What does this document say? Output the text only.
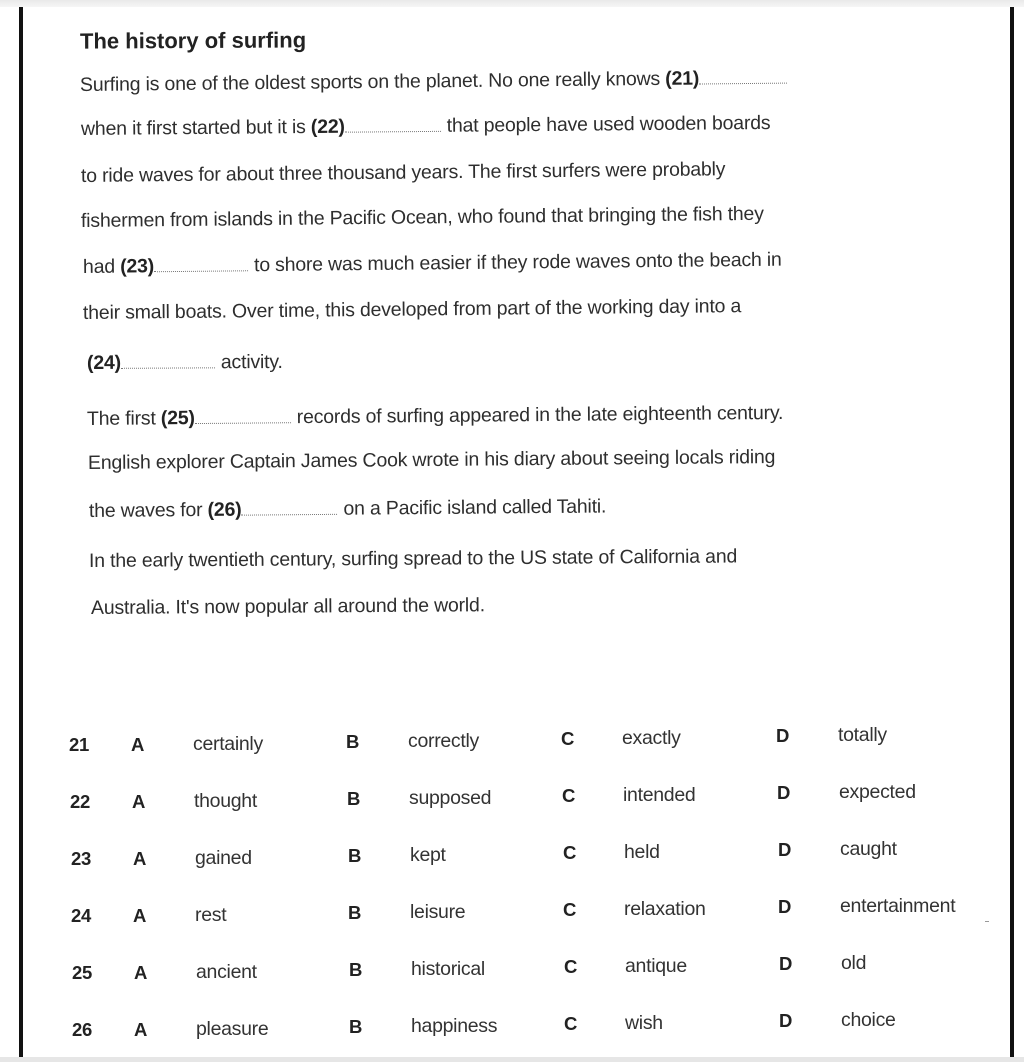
The history of surfing
Surfing is one of the oldest sports on the planet. No one really knows (21)
when it first started but it is (22)	that people have used wooden boards
to ride waves for about three thousand years. The first surfers were probably
fishermen from islands in the Pacific Ocean, who found that bringing the fish they
had (23)	to shore was much easier if they rode waves onto the beach in
their small boats. Over time, this developed from part of the working day into a
(24)	activity.
The first (25)	records of surfing appeared in the late eighteenth century.
English explorer Captain James Cook wrote in his diary about seeing locals riding
the waves for (26)	on a Pacific island called Tahiti.
In the early twentieth century, surfing spread to the US state of California and
Australia. It's now popular all around the world.
21 A	certainly	B	correctly	C exactly	D	totally
22 A	thought	B	supposed	C intended	D	expected
23 A	gained	B	kept	C held	D	caught
24 A	rest	B	leisure	C relaxation	D	entertainment
25 A	ancient	B	historical	C antique	D	old
26 A	pleasure	B	happiness	C wish	D	choice
